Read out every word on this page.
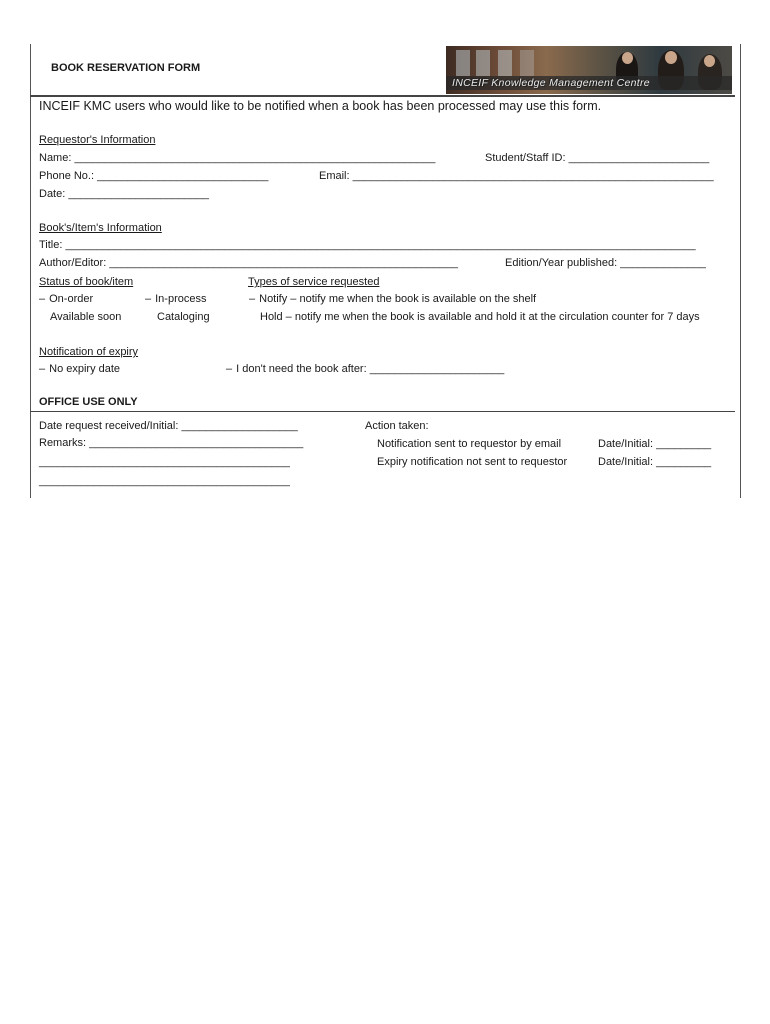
BOOK RESERVATION FORM
INCEIF Knowledge Management Centre
INCEIF KMC users who would like to be notified when a book has been processed may use this form.
Requestor's Information
Name: ___________________________________________________________	Student/Staff ID: _______________________
Phone No.: ____________________________	Email: ___________________________________________________________
Date: _______________________
Book's/Item's Information
Title: _______________________________________________________________________________________________________
Author/Editor: _________________________________________________________	Edition/Year published: ______________
Status of book/item
– On-order	– In-process
Available soon	Cataloging
Types of service requested
– Notify – notify me when the book is available on the shelf
Hold – notify me when the book is available and hold it at the circulation counter for 7 days
Notification of expiry
– No expiry date	– I don't need the book after: ______________________
OFFICE USE ONLY
Date request received/Initial: ___________________
Remarks: ___________________________________
_________________________________________
_________________________________________
Action taken:
Notification sent to requestor by email	Date/Initial: _________
Expiry notification not sent to requestor	Date/Initial: _________
